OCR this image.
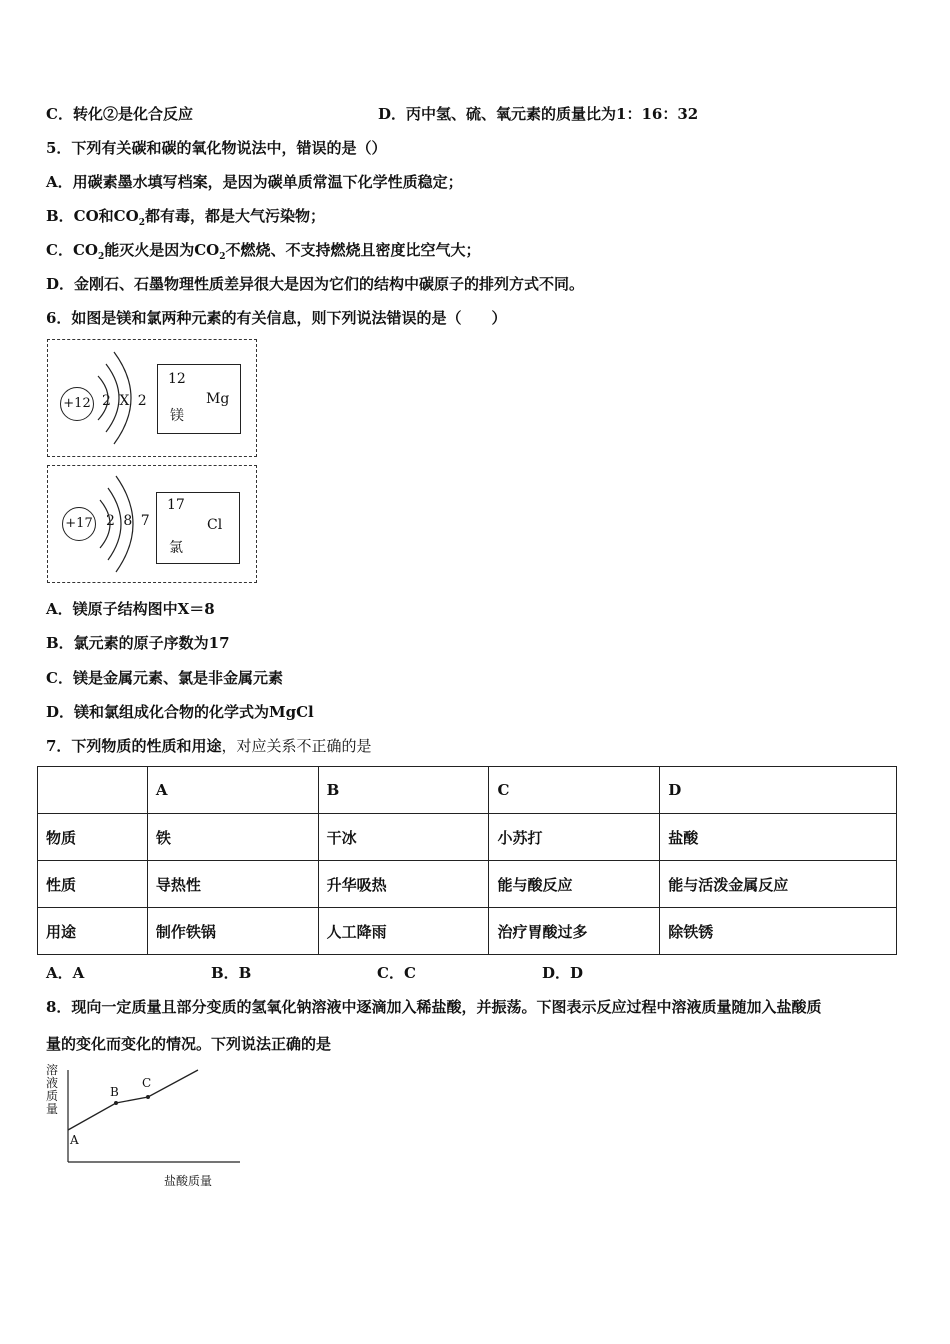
C．转化②是化合反应	D．丙中氢、硫、氧元素的质量比为1：16：32
5．下列有关碳和碳的氧化物说法中，错误的是（）
A．用碳素墨水填写档案，是因为碳单质常温下化学性质稳定；
B．CO和$CO_2$都有毒，都是大气污染物；
C．$CO_2$能灭火是因为$CO_2$不燃烧、不支持燃烧且密度比空气大；
D．金刚石、石墨物理性质差异很大是因为它们的结构中碳原子的排列方式不同。
6．如图是镁和氯两种元素的有关信息，则下列说法错误的是（　　）
+12 2 X 2
12
Mg
镁
+17 2 8 7
17
Cl
氯
A．镁原子结构图中X＝8
B．氯元素的原子序数为17
C．镁是金属元素、氯是非金属元素
D．镁和氯组成化合物的化学式为MgCl
7．下列物质的性质和用途，对应关系不正确的是
	A	B	C	D
物质	铁	干冰	小苏打	盐酸
性质	导热性	升华吸热	能与酸反应	能与活泼金属反应
用途	制作铁锅	人工降雨	治疗胃酸过多	除铁锈
A．A	B．B	C．C	D．D
8．现向一定质量且部分变质的氢氧化钠溶液中逐滴加入稀盐酸，并振荡。下图表示反应过程中溶液质量随加入盐酸质
量的变化而变化的情况。下列说法正确的是
溶液质量
A
B
C
盐酸质量
